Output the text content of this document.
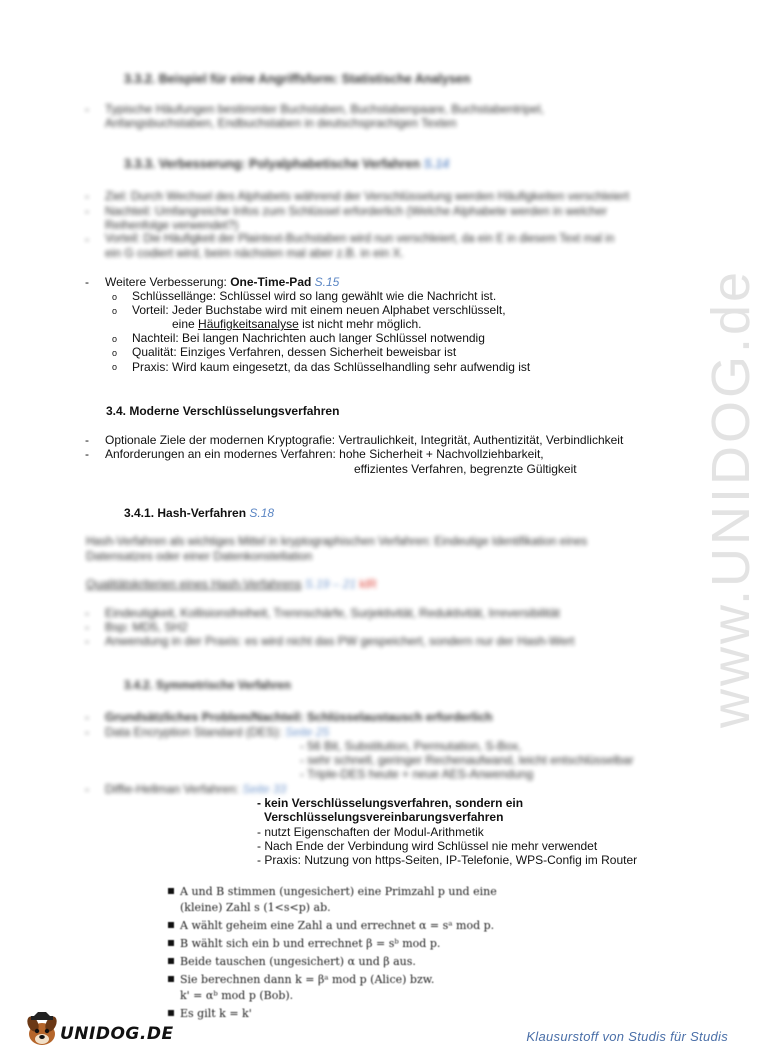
www.UNIDOG.de
3.3.2. Beispiel für eine Angriffsform: Statistische Analysen
- Typische Häufungen bestimmter Buchstaben, Buchstabenpaare, Buchstabentripel,
Anfangsbuchstaben, Endbuchstaben in deutschsprachigen Texten
3.3.3. Verbesserung: Polyalphabetische Verfahren S.14
- Ziel: Durch Wechsel des Alphabets während der Verschlüsselung werden Häufigkeiten verschleiert
- Nachteil: Umfangreiche Infos zum Schlüssel erforderlich (Welche Alphabete werden in welcher
Reihenfolge verwendet?)
- Vorteil: Die Häufigkeit der Plaintext-Buchstaben wird nun verschleiert, da ein E in diesem Text mal in
ein G codiert wird, beim nächsten mal aber z.B. in ein X.
- Weitere Verbesserung: One-Time-Pad S.15
o Schlüssellänge: Schlüssel wird so lang gewählt wie die Nachricht ist.
o Vorteil: Jeder Buchstabe wird mit einem neuen Alphabet verschlüsselt,
eine Häufigkeitsanalyse ist nicht mehr möglich.
o Nachteil: Bei langen Nachrichten auch langer Schlüssel notwendig
o Qualität: Einziges Verfahren, dessen Sicherheit beweisbar ist
o Praxis: Wird kaum eingesetzt, da das Schlüsselhandling sehr aufwendig ist
3.4. Moderne Verschlüsselungsverfahren
- Optionale Ziele der modernen Kryptografie: Vertraulichkeit, Integrität, Authentizität, Verbindlichkeit
- Anforderungen an ein modernes Verfahren: hohe Sicherheit + Nachvollziehbarkeit,
effizientes Verfahren, begrenzte Gültigkeit
3.4.1. Hash-Verfahren S.18
Hash-Verfahren als wichtiges Mittel in kryptographischen Verfahren: Eindeutige Identifikation eines
Datensatzes oder einer Datenkonstellation
Qualitätskriterien eines Hash-Verfahrens S.19 – 21 klR
- Eindeutigkeit, Kollisionsfreiheit, Trennschärfe, Surjektivität, Reduktivität, Irreversibilität
- Bsp: MD5, SH2
- Anwendung in der Praxis: es wird nicht das PW gespeichert, sondern nur der Hash-Wert
3.4.2. Symmetrische Verfahren
- Grundsätzliches Problem/Nachteil: Schlüsselaustausch erforderlich
- Data Encryption Standard (DES): Seite 25
- 56 Bit, Substitution, Permutation, S-Box,
- sehr schnell, geringer Rechenaufwand, leicht entschlüsselbar
- Triple-DES heute + neue AES-Anwendung
- Diffie-Hellman Verfahren: Seite 33
- kein Verschlüsselungsverfahren, sondern ein
Verschlüsselungsvereinbarungsverfahren
- nutzt Eigenschaften der Modul-Arithmetik
- Nach Ende der Verbindung wird Schlüssel nie mehr verwendet
- Praxis: Nutzung von https-Seiten, IP-Telefonie, WPS-Config im Router
A und B stimmen (ungesichert) eine Primzahl p und eine
(kleine) Zahl s (1<s<p) ab.
A wählt geheim eine Zahl a und errechnet α = sᵃ mod p.
B wählt sich ein b und errechnet β = sᵇ mod p.
Beide tauschen (ungesichert) α und β aus.
Sie berechnen dann k = βᵃ mod p (Alice) bzw.
k' = αᵇ mod p (Bob).
Es gilt k = k'
UNIDOG.DE	Klausurstoff von Studis für Studis
